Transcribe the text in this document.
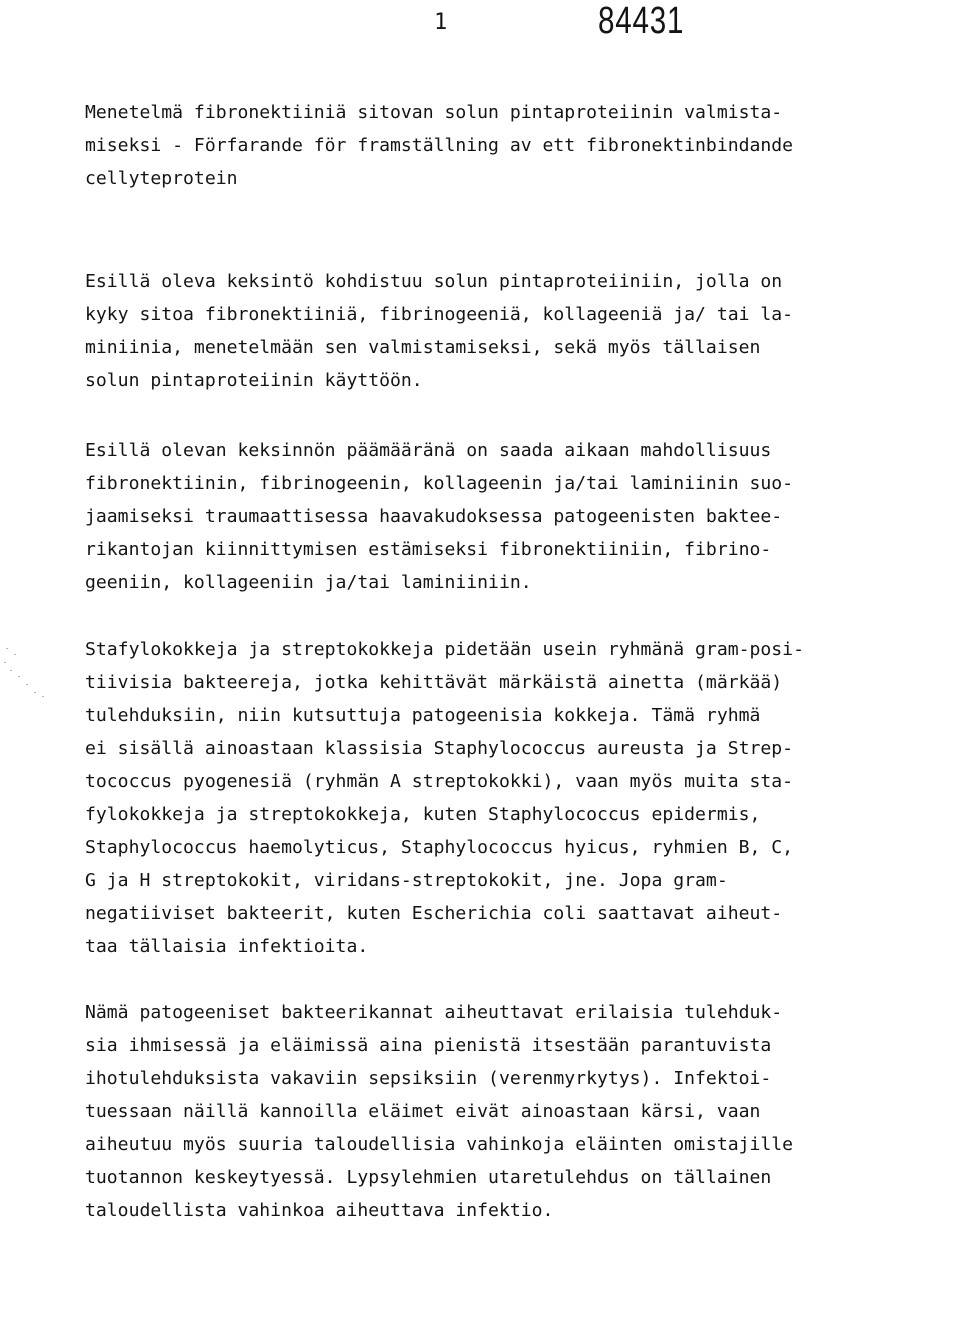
1	84431
Menetelmä fibronektiiniä sitovan solun pintaproteiinin valmista-
miseksi - Förfarande för framställning av ett fibronektinbindande
cellyteprotein
Esillä oleva keksintö kohdistuu solun pintaproteiiniin, jolla on
kyky sitoa fibronektiiniä, fibrinogeeniä, kollageeniä ja/ tai la-
miniinia, menetelmään sen valmistamiseksi, sekä myös tällaisen
solun pintaproteiinin käyttöön.
Esillä olevan keksinnön päämääränä on saada aikaan mahdollisuus
fibronektiinin, fibrinogeenin, kollageenin ja/tai laminiinin suo-
jaamiseksi traumaattisessa haavakudoksessa patogeenisten baktee-
rikantojan kiinnittymisen estämiseksi fibronektiiniin, fibrino-
geeniin, kollageeniin ja/tai laminiiniin.
Stafylokokkeja ja streptokokkeja pidetään usein ryhmänä gram-posi-
tiivisia bakteereja, jotka kehittävät märkäistä ainetta (märkää)
tulehduksiin, niin kutsuttuja patogeenisia kokkeja. Tämä ryhmä
ei sisällä ainoastaan klassisia Staphylococcus aureusta ja Strep-
tococcus pyogenesiä (ryhmän A streptokokki), vaan myös muita sta-
fylokokkeja ja streptokokkeja, kuten Staphylococcus epidermis,
Staphylococcus haemolyticus, Staphylococcus hyicus, ryhmien B, C,
G ja H streptokokit, viridans-streptokokit, jne. Jopa gram-
negatiiviset bakteerit, kuten Escherichia coli saattavat aiheut-
taa tällaisia infektioita.
Nämä patogeeniset bakteerikannat aiheuttavat erilaisia tulehduk-
sia ihmisessä ja eläimissä aina pienistä itsestään parantuvista
ihotulehduksista vakaviin sepsiksiin (verenmyrkytys). Infektoi-
tuessaan näillä kannoilla eläimet eivät ainoastaan kärsi, vaan
aiheutuu myös suuria taloudellisia vahinkoja eläinten omistajille
tuotannon keskeytyessä. Lypsylehmien utaretulehdus on tällainen
taloudellista vahinkoa aiheuttava infektio.
